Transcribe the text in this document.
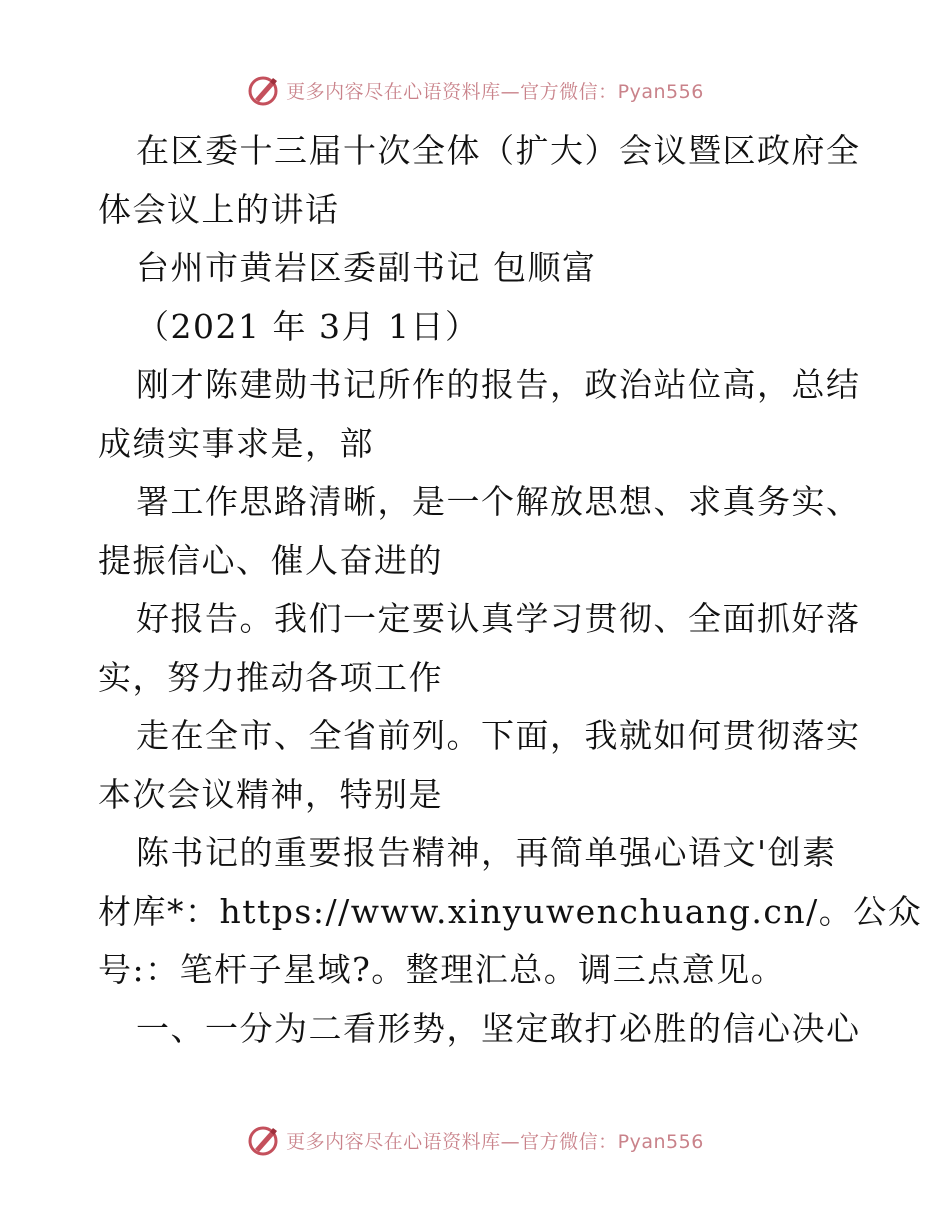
更多内容尽在心语资料库—官方微信：Pyan556
在区委十三届十次全体（扩大）会议暨区政府全
体会议上的讲话
台州市黄岩区委副书记 包顺富
（2021 年 3月 1日）
刚才陈建勋书记所作的报告，政治站位高，总结
成绩实事求是，部
署工作思路清晰，是一个解放思想、求真务实、
提振信心、催人奋进的
好报告。我们一定要认真学习贯彻、全面抓好落
实，努力推动各项工作
走在全市、全省前列。下面，我就如何贯彻落实
本次会议精神，特别是
陈书记的重要报告精神，再简单强心语文'创素
材库*：https://www.xinyuwenchuang.cn/。公众
号:：笔杆子星域?。整理汇总。调三点意见。
一、一分为二看形势，坚定敢打必胜的信心决心
更多内容尽在心语资料库—官方微信：Pyan556
